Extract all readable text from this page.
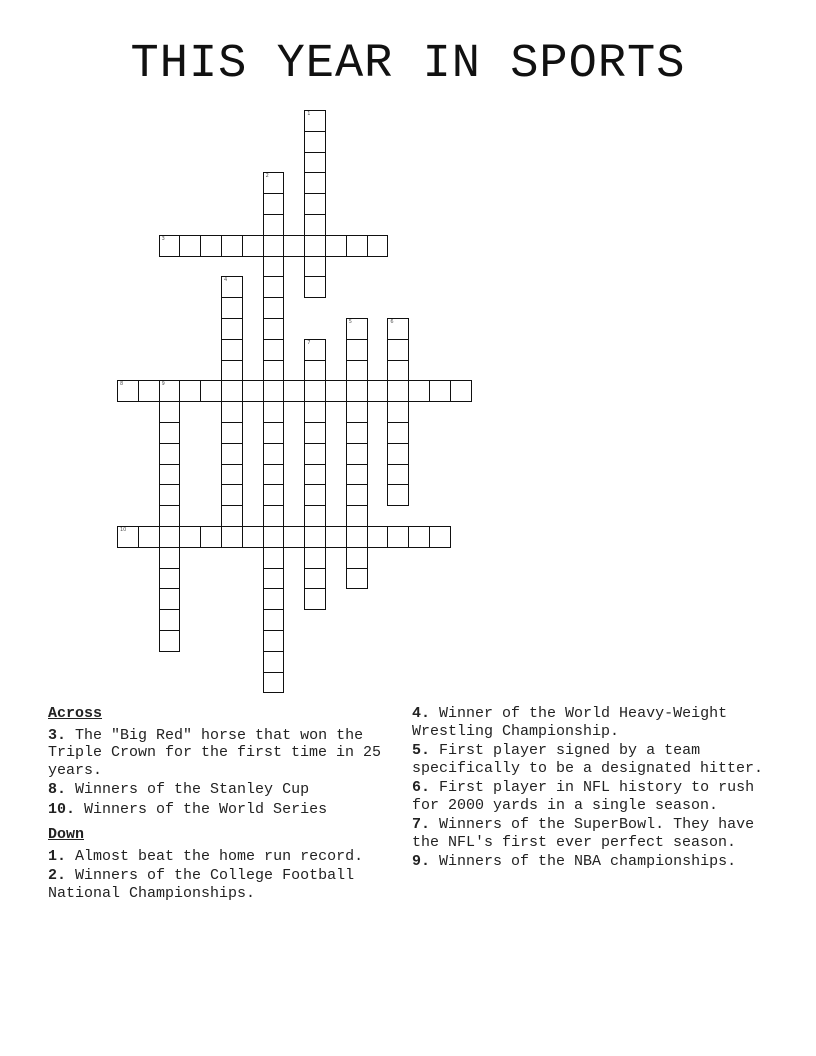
THIS YEAR IN SPORTS
1
2
3
4
5	6
7
8	9
10
Across
3. The "Big Red" horse that won the Triple Crown for the first time in 25 years.
8. Winners of the Stanley Cup
10. Winners of the World Series
Down
1. Almost beat the home run record.
2. Winners of the College Football National Championships.
4. Winner of the World Heavy-Weight Wrestling Championship.
5. First player signed by a team specifically to be a designated hitter.
6. First player in NFL history to rush for 2000 yards in a single season.
7. Winners of the SuperBowl. They have the NFL's first ever perfect season.
9. Winners of the NBA championships.
